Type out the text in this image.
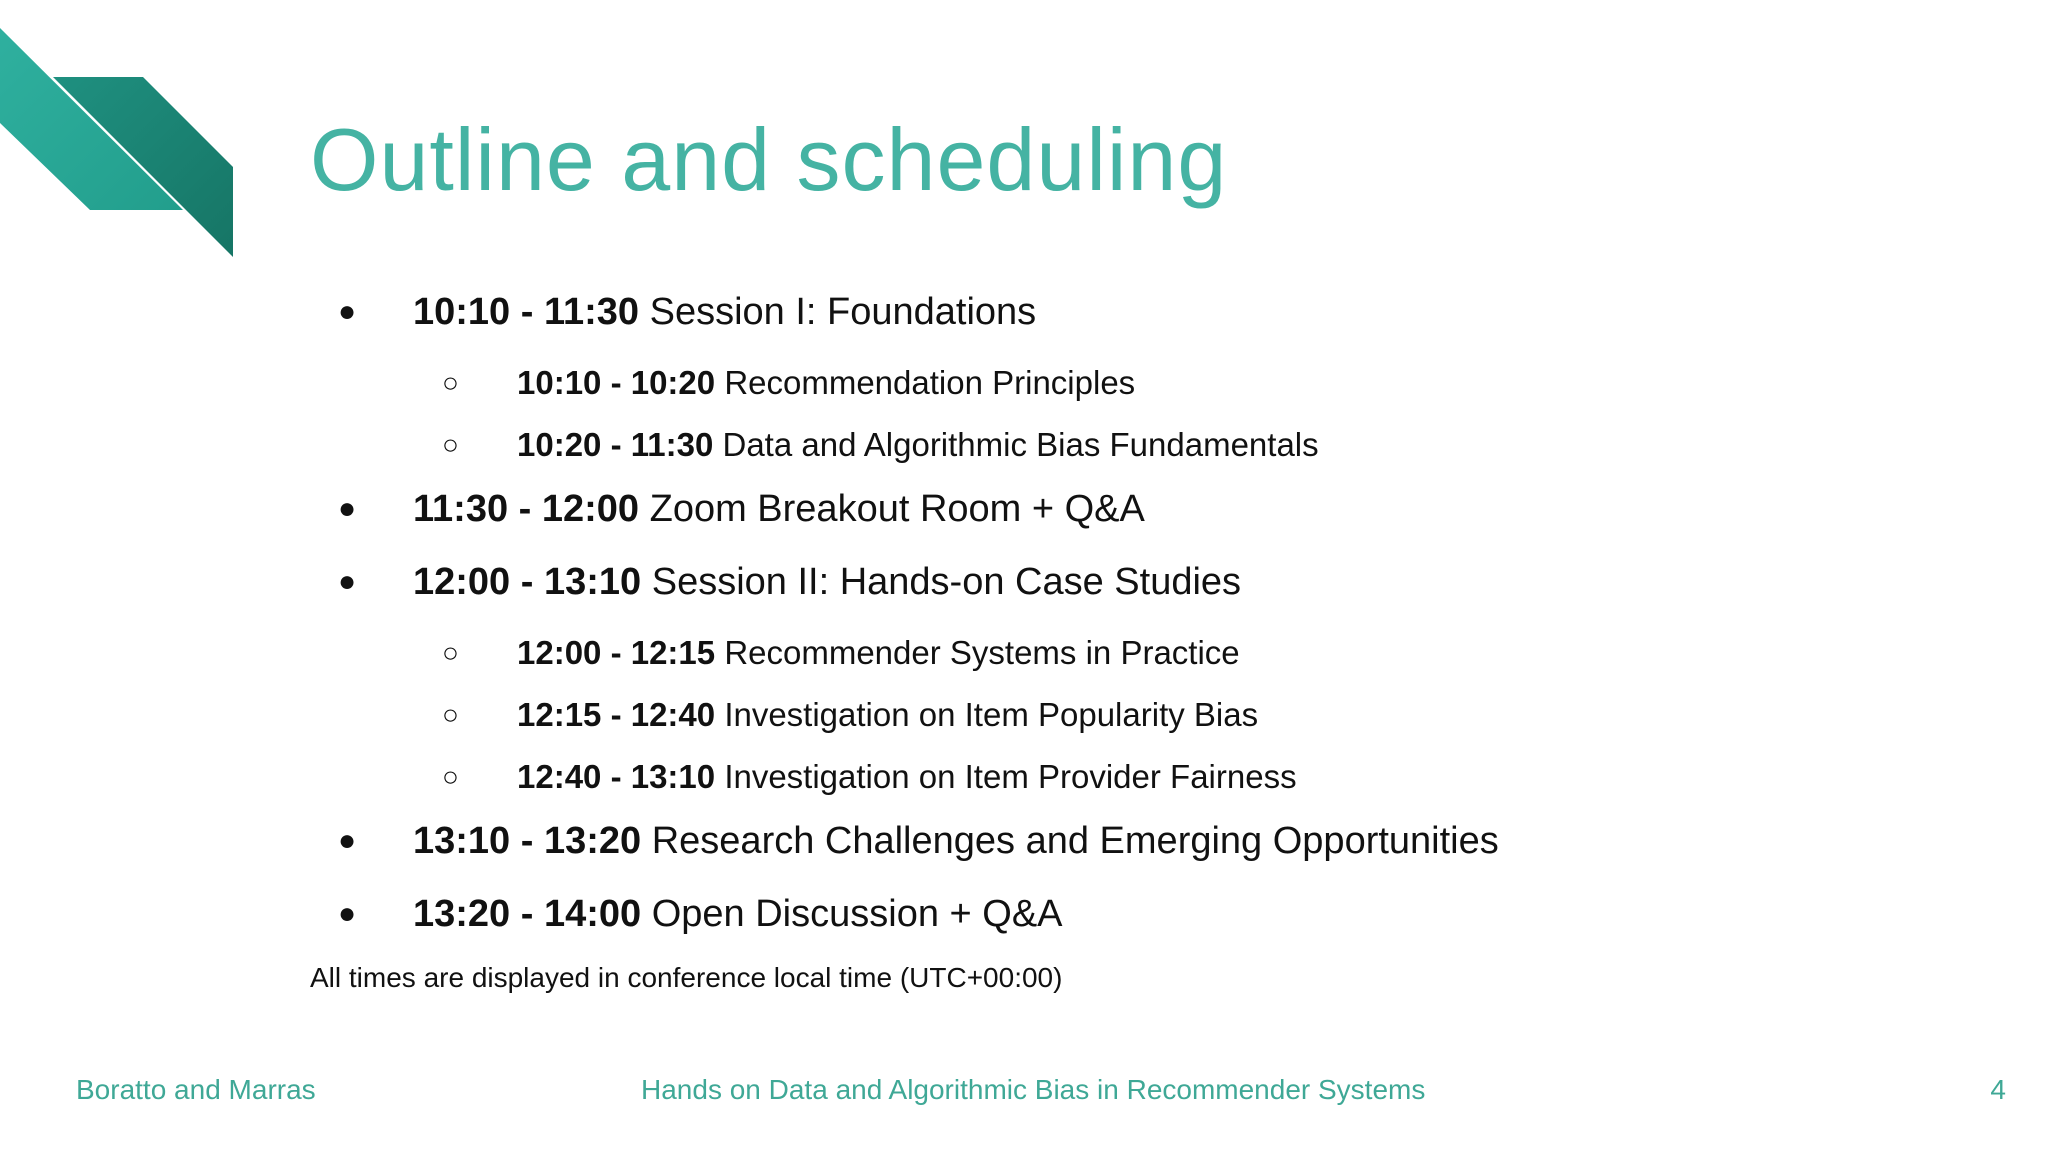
Outline and scheduling
● 10:10 - 11:30 Session I: Foundations
○ 10:10 - 10:20 Recommendation Principles
○ 10:20 - 11:30 Data and Algorithmic Bias Fundamentals
● 11:30 - 12:00 Zoom Breakout Room + Q&A
● 12:00 - 13:10 Session II: Hands-on Case Studies
○ 12:00 - 12:15 Recommender Systems in Practice
○ 12:15 - 12:40 Investigation on Item Popularity Bias
○ 12:40 - 13:10 Investigation on Item Provider Fairness
● 13:10 - 13:20 Research Challenges and Emerging Opportunities
● 13:20 - 14:00 Open Discussion + Q&A
All times are displayed in conference local time (UTC+00:00)
Boratto and Marras	Hands on Data and Algorithmic Bias in Recommender Systems	4
